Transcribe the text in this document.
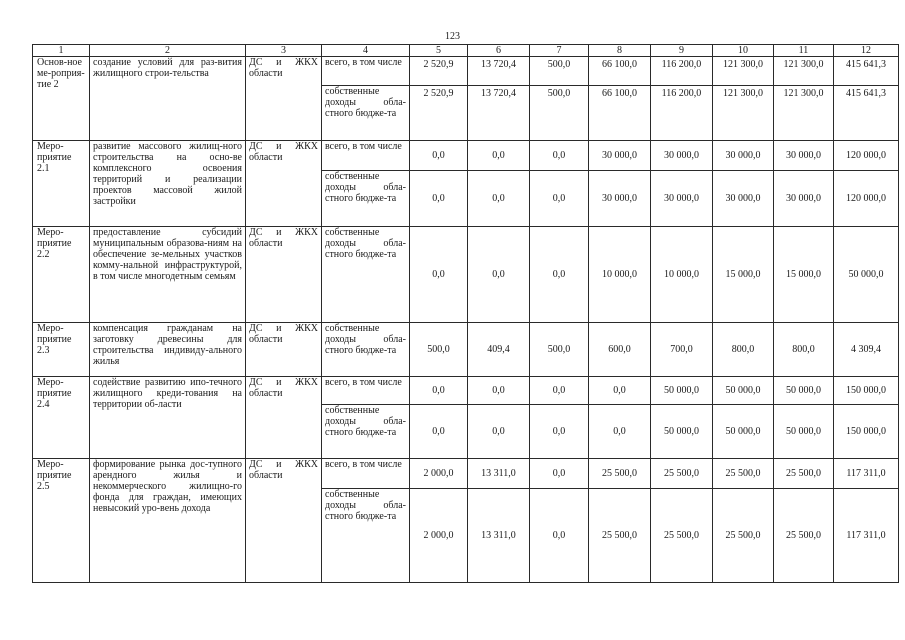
123
1	2	3	4	5	6	7	8	9	10	11	12
Основ-ное ме-роприя-тие 2	создание условий для раз-вития жилищного строи-тельства	ДС и ЖКХ области	всего, в том числе	2 520,9	13 720,4	500,0	66 100,0	116 200,0	121 300,0	121 300,0	415 641,3
			собственные доходы обла-стного бюдже-та	2 520,9	13 720,4	500,0	66 100,0	116 200,0	121 300,0	121 300,0	415 641,3
Меро-приятие 2.1	развитие массового жилищ-ного строительства на осно-ве комплексного освоения территорий и реализации проектов массовой жилой застройки	ДС и ЖКХ области	всего, в том числе	0,0	0,0	0,0	30 000,0	30 000,0	30 000,0	30 000,0	120 000,0
			собственные доходы обла-стного бюдже-та	0,0	0,0	0,0	30 000,0	30 000,0	30 000,0	30 000,0	120 000,0
Меро-приятие 2.2	предоставление субсидий муниципальным образова-ниям на обеспечение зе-мельных участков комму-нальной инфраструктурой, в том числе многодетным семьям	ДС и ЖКХ области	собственные доходы обла-стного бюдже-та	0,0	0,0	0,0	10 000,0	10 000,0	15 000,0	15 000,0	50 000,0
Меро-приятие 2.3	компенсация гражданам на заготовку древесины для строительства индивиду-ального жилья	ДС и ЖКХ области	собственные доходы обла-стного бюдже-та	500,0	409,4	500,0	600,0	700,0	800,0	800,0	4 309,4
Меро-приятие 2.4	содействие развитию ипо-течного жилищного креди-тования на территории об-ласти	ДС и ЖКХ области	всего, в том числе	0,0	0,0	0,0	0,0	50 000,0	50 000,0	50 000,0	150 000,0
			собственные доходы обла-стного бюдже-та	0,0	0,0	0,0	0,0	50 000,0	50 000,0	50 000,0	150 000,0
Меро-приятие 2.5	формирование рынка дос-тупного арендного жилья и некоммерческого жилищно-го фонда для граждан, имеющих невысокий уро-вень дохода	ДС и ЖКХ области	всего, в том числе	2 000,0	13 311,0	0,0	25 500,0	25 500,0	25 500,0	25 500,0	117 311,0
			собственные доходы обла-стного бюдже-та	2 000,0	13 311,0	0,0	25 500,0	25 500,0	25 500,0	25 500,0	117 311,0
